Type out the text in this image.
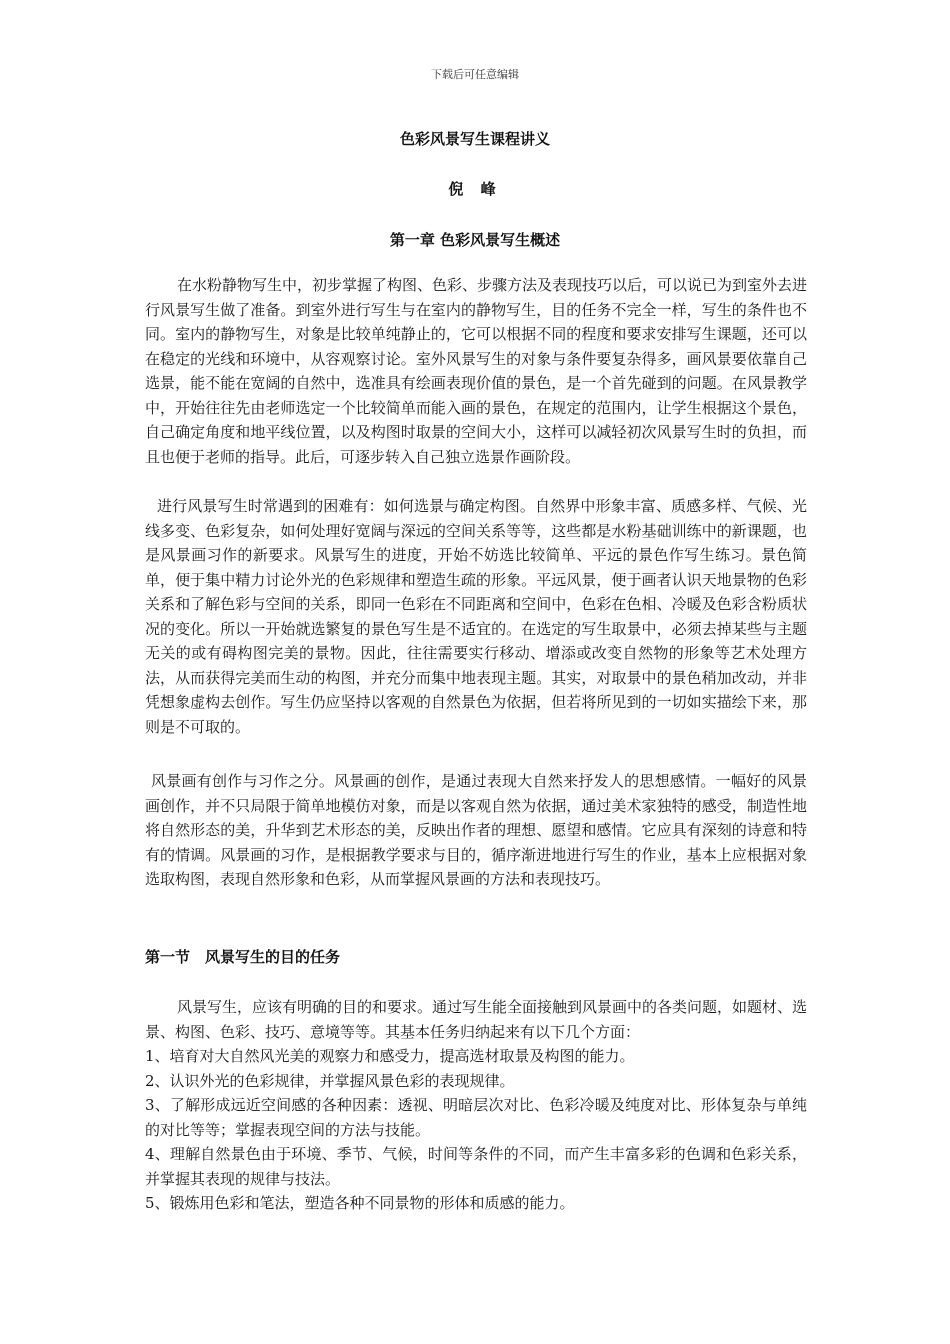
下载后可任意编辑
色彩风景写生课程讲义
倪 峰
第一章 色彩风景写生概述

在水粉静物写生中，初步掌握了构图、色彩、步骤方法及表现技巧以后，可以说已为到室外去进行风景写生做了准备。到室外进行写生与在室内的静物写生，目的任务不完全一样，写生的条件也不同。室内的静物写生，对象是比较单纯静止的，它可以根据不同的程度和要求安排写生课题，还可以在稳定的光线和环境中，从容观察讨论。室外风景写生的对象与条件要复杂得多，画风景要依靠自己选景，能不能在宽阔的自然中，选准具有绘画表现价值的景色，是一个首先碰到的问题。在风景教学中，开始往往先由老师选定一个比较简单而能入画的景色，在规定的范围内，让学生根据这个景色，自己确定角度和地平线位置，以及构图时取景的空间大小，这样可以减轻初次风景写生时的负担，而且也便于老师的指导。此后，可逐步转入自己独立选景作画阶段。

进行风景写生时常遇到的困难有：如何选景与确定构图。自然界中形象丰富、质感多样、气候、光线多变、色彩复杂，如何处理好宽阔与深远的空间关系等等，这些都是水粉基础训练中的新课题，也是风景画习作的新要求。风景写生的进度，开始不妨选比较简单、平远的景色作写生练习。景色简单，便于集中精力讨论外光的色彩规律和塑造生疏的形象。平远风景，便于画者认识天地景物的色彩关系和了解色彩与空间的关系，即同一色彩在不同距离和空间中，色彩在色相、冷暖及色彩含粉质状况的变化。所以一开始就选繁复的景色写生是不适宜的。在选定的写生取景中，必须去掉某些与主题无关的或有碍构图完美的景物。因此，往往需要实行移动、增添或改变自然物的形象等艺术处理方法，从而获得完美而生动的构图，并充分而集中地表现主题。其实，对取景中的景色稍加改动，并非凭想象虚构去创作。写生仍应坚持以客观的自然景色为依据，但若将所见到的一切如实描绘下来，那则是不可取的。

风景画有创作与习作之分。风景画的创作，是通过表现大自然来抒发人的思想感情。一幅好的风景画创作，并不只局限于简单地模仿对象，而是以客观自然为依据，通过美术家独特的感受，制造性地将自然形态的美，升华到艺术形态的美，反映出作者的理想、愿望和感情。它应具有深刻的诗意和特有的情调。风景画的习作，是根据教学要求与目的，循序渐进地进行写生的作业，基本上应根据对象选取构图，表现自然形象和色彩，从而掌握风景画的方法和表现技巧。

第一节　风景写生的目的任务

风景写生，应该有明确的目的和要求。通过写生能全面接触到风景画中的各类问题，如题材、选景、构图、色彩、技巧、意境等等。其基本任务归纳起来有以下几个方面：

1、培育对大自然风光美的观察力和感受力，提高选材取景及构图的能力。
2、认识外光的色彩规律，并掌握风景色彩的表现规律。
3、了解形成远近空间感的各种因素：透视、明暗层次对比、色彩冷暖及纯度对比、形体复杂与单纯的对比等等；掌握表现空间的方法与技能。
4、理解自然景色由于环境、季节、气候，时间等条件的不同，而产生丰富多彩的色调和色彩关系，并掌握其表现的规律与技法。
5、锻炼用色彩和笔法，塑造各种不同景物的形体和质感的能力。
